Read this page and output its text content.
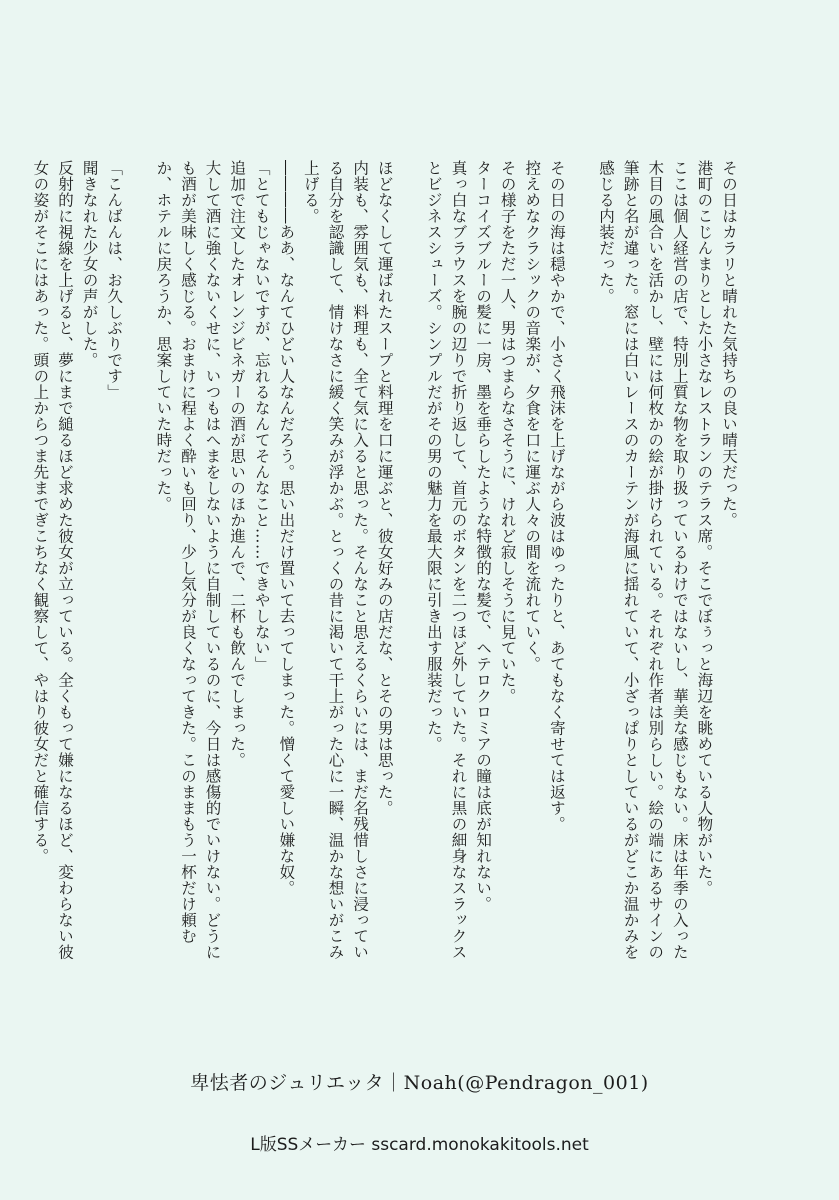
その日はカラリと晴れた気持ちの良い晴天だった。

港町のこじんまりとした小さなレストランのテラス席。そこでぼぅっと海辺を眺めている人物がいた。

ここは個人経営の店で、特別上質な物を取り扱っているわけではないし、華美な感じもない。床は年季の入った木目の風合いを活かし、壁には何枚かの絵が掛けられている。それぞれ作者は別らしい。絵の端にあるサインの筆跡と名が違った。窓には白いレースのカーテンが海風に揺れていて、小ざっぱりとしているがどこか温かみを感じる内装だった。

その日の海は穏やかで、小さく飛沫を上げながら波はゆったりと、あてもなく寄せては返す。

控えめなクラシックの音楽が、夕食を口に運ぶ人々の間を流れていく。

その様子をただ一人、男はつまらなさそうに、けれど寂しそうに見ていた。

ターコイズブルーの髪に一房、墨を垂らしたような特徴的な髪で、ヘテロクロミアの瞳は底が知れない。

真っ白なブラウスを腕の辺りで折り返して、首元のボタンを二つほど外していた。それに黒の細身なスラックスとビジネスシューズ。シンプルだがその男の魅力を最大限に引き出す服装だった。

ほどなくして運ばれたスープと料理を口に運ぶと、彼女好みの店だな、とその男は思った。

内装も、雰囲気も、料理も、全て気に入ると思った。そんなこと思えるくらいには、まだ名残惜しさに浸っている自分を認識して、情けなさに緩く笑みが浮かぶ。とっくの昔に渇いて干上がった心に一瞬、温かな想いがこみ上げる。

――――ああ、なんてひどい人なんだろう。思い出だけ置いて去ってしまった。憎くて愛しい嫌な奴。

「とてもじゃないですが、忘れるなんてそんなこと……できやしない」

追加で注文したオレンジビネガーの酒が思いのほか進んで、二杯も飲んでしまった。

大して酒に強くないくせに、いつもはへまをしないように自制しているのに、今日は感傷的でいけない。どうにも酒が美味しく感じる。おまけに程よく酔いも回り、少し気分が良くなってきた。このままもう一杯だけ頼むか、ホテルに戻ろうか、思案していた時だった。

「こんばんは、お久しぶりです」

聞きなれた少女の声がした。

反射的に視線を上げると、夢にまで縋るほど求めた彼女が立っている。全くもって嫌になるほど、変わらない彼女の姿がそこにはあった。頭の上からつま先までぎこちなく観察して、やはり彼女だと確信する。

卑怯者のジュリエッタ｜Noah(@Pendragon_001)
L版SSメーカー sscard.monokakitools.net
